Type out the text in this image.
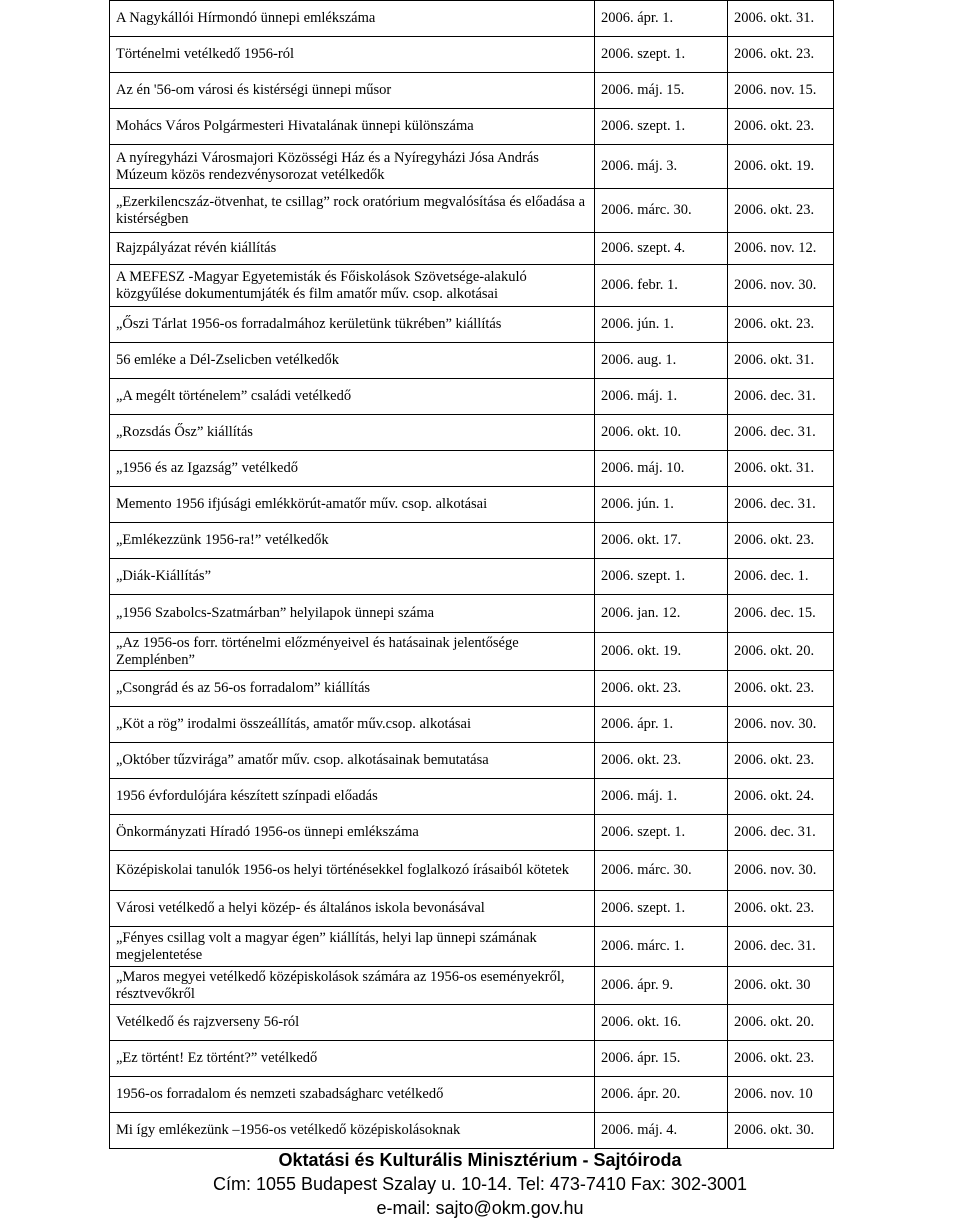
A Nagykállói Hírmondó ünnepi emlékszáma	2006. ápr. 1.	2006. okt. 31.
Történelmi vetélkedő 1956-ról	2006. szept. 1.	2006. okt. 23.
Az én '56-om városi és kistérségi ünnepi műsor	2006. máj. 15.	2006. nov. 15.
Mohács Város Polgármesteri Hivatalának ünnepi különszáma	2006. szept. 1.	2006. okt. 23.
A nyíregyházi Városmajori Közösségi Ház és a Nyíregyházi Jósa András Múzeum közös rendezvénysorozat vetélkedők	2006. máj. 3.	2006. okt. 19.
„Ezerkilencszáz-ötvenhat, te csillag” rock oratórium megvalósítása és előadása a kistérségben	2006. márc. 30.	2006. okt. 23.
Rajzpályázat révén kiállítás	2006. szept. 4.	2006. nov. 12.
A MEFESZ -Magyar Egyetemisták és Főiskolások Szövetsége-alakuló közgyűlése dokumentumjáték és film amatőr műv. csop. alkotásai	2006. febr. 1.	2006. nov. 30.
„Őszi Tárlat 1956-os forradalmához kerületünk tükrében” kiállítás	2006. jún. 1.	2006. okt. 23.
56 emléke a Dél-Zselicben vetélkedők	2006. aug. 1.	2006. okt. 31.
„A megélt történelem” családi vetélkedő	2006. máj. 1.	2006. dec. 31.
„Rozsdás Ősz” kiállítás	2006. okt. 10.	2006. dec. 31.
„1956 és az Igazság” vetélkedő	2006. máj. 10.	2006. okt. 31.
Memento 1956 ifjúsági emlékkörút-amatőr műv. csop. alkotásai	2006. jún. 1.	2006. dec. 31.
„Emlékezzünk 1956-ra!” vetélkedők	2006. okt. 17.	2006. okt. 23.
„Diák-Kiállítás”	2006. szept. 1.	2006. dec. 1.
„1956 Szabolcs-Szatmárban” helyilapok ünnepi száma	2006. jan. 12.	2006. dec. 15.
„Az 1956-os forr. történelmi előzményeivel és hatásainak jelentősége Zemplénben”	2006. okt. 19.	2006. okt. 20.
„Csongrád és az 56-os forradalom” kiállítás	2006. okt. 23.	2006. okt. 23.
„Köt a rög” irodalmi összeállítás, amatőr műv.csop. alkotásai	2006. ápr. 1.	2006. nov. 30.
„Október tűzvirága” amatőr műv. csop. alkotásainak bemutatása	2006. okt. 23.	2006. okt. 23.
1956 évfordulójára készített színpadi előadás	2006. máj. 1.	2006. okt. 24.
Önkormányzati Híradó 1956-os ünnepi emlékszáma	2006. szept. 1.	2006. dec. 31.
Középiskolai tanulók 1956-os helyi történésekkel foglalkozó írásaiból kötetek	2006. márc. 30.	2006. nov. 30.
Városi vetélkedő a helyi közép- és általános iskola bevonásával	2006. szept. 1.	2006. okt. 23.
„Fényes csillag volt a magyar égen” kiállítás, helyi lap ünnepi számának megjelentetése	2006. márc. 1.	2006. dec. 31.
„Maros megyei vetélkedő középiskolások számára az 1956-os eseményekről, résztvevőkről	2006. ápr. 9.	2006. okt. 30
Vetélkedő és rajzverseny 56-ról	2006. okt. 16.	2006. okt. 20.
„Ez történt! Ez történt?” vetélkedő	2006. ápr. 15.	2006. okt. 23.
1956-os forradalom és nemzeti szabadságharc vetélkedő	2006. ápr. 20.	2006. nov. 10
Mi így emlékezünk –1956-os vetélkedő középiskolásoknak	2006. máj. 4.	2006. okt. 30.
Oktatási és Kulturális Minisztérium - Sajtóiroda
Cím: 1055 Budapest Szalay u. 10-14. Tel: 473-7410 Fax: 302-3001
e-mail: sajto@okm.gov.hu
